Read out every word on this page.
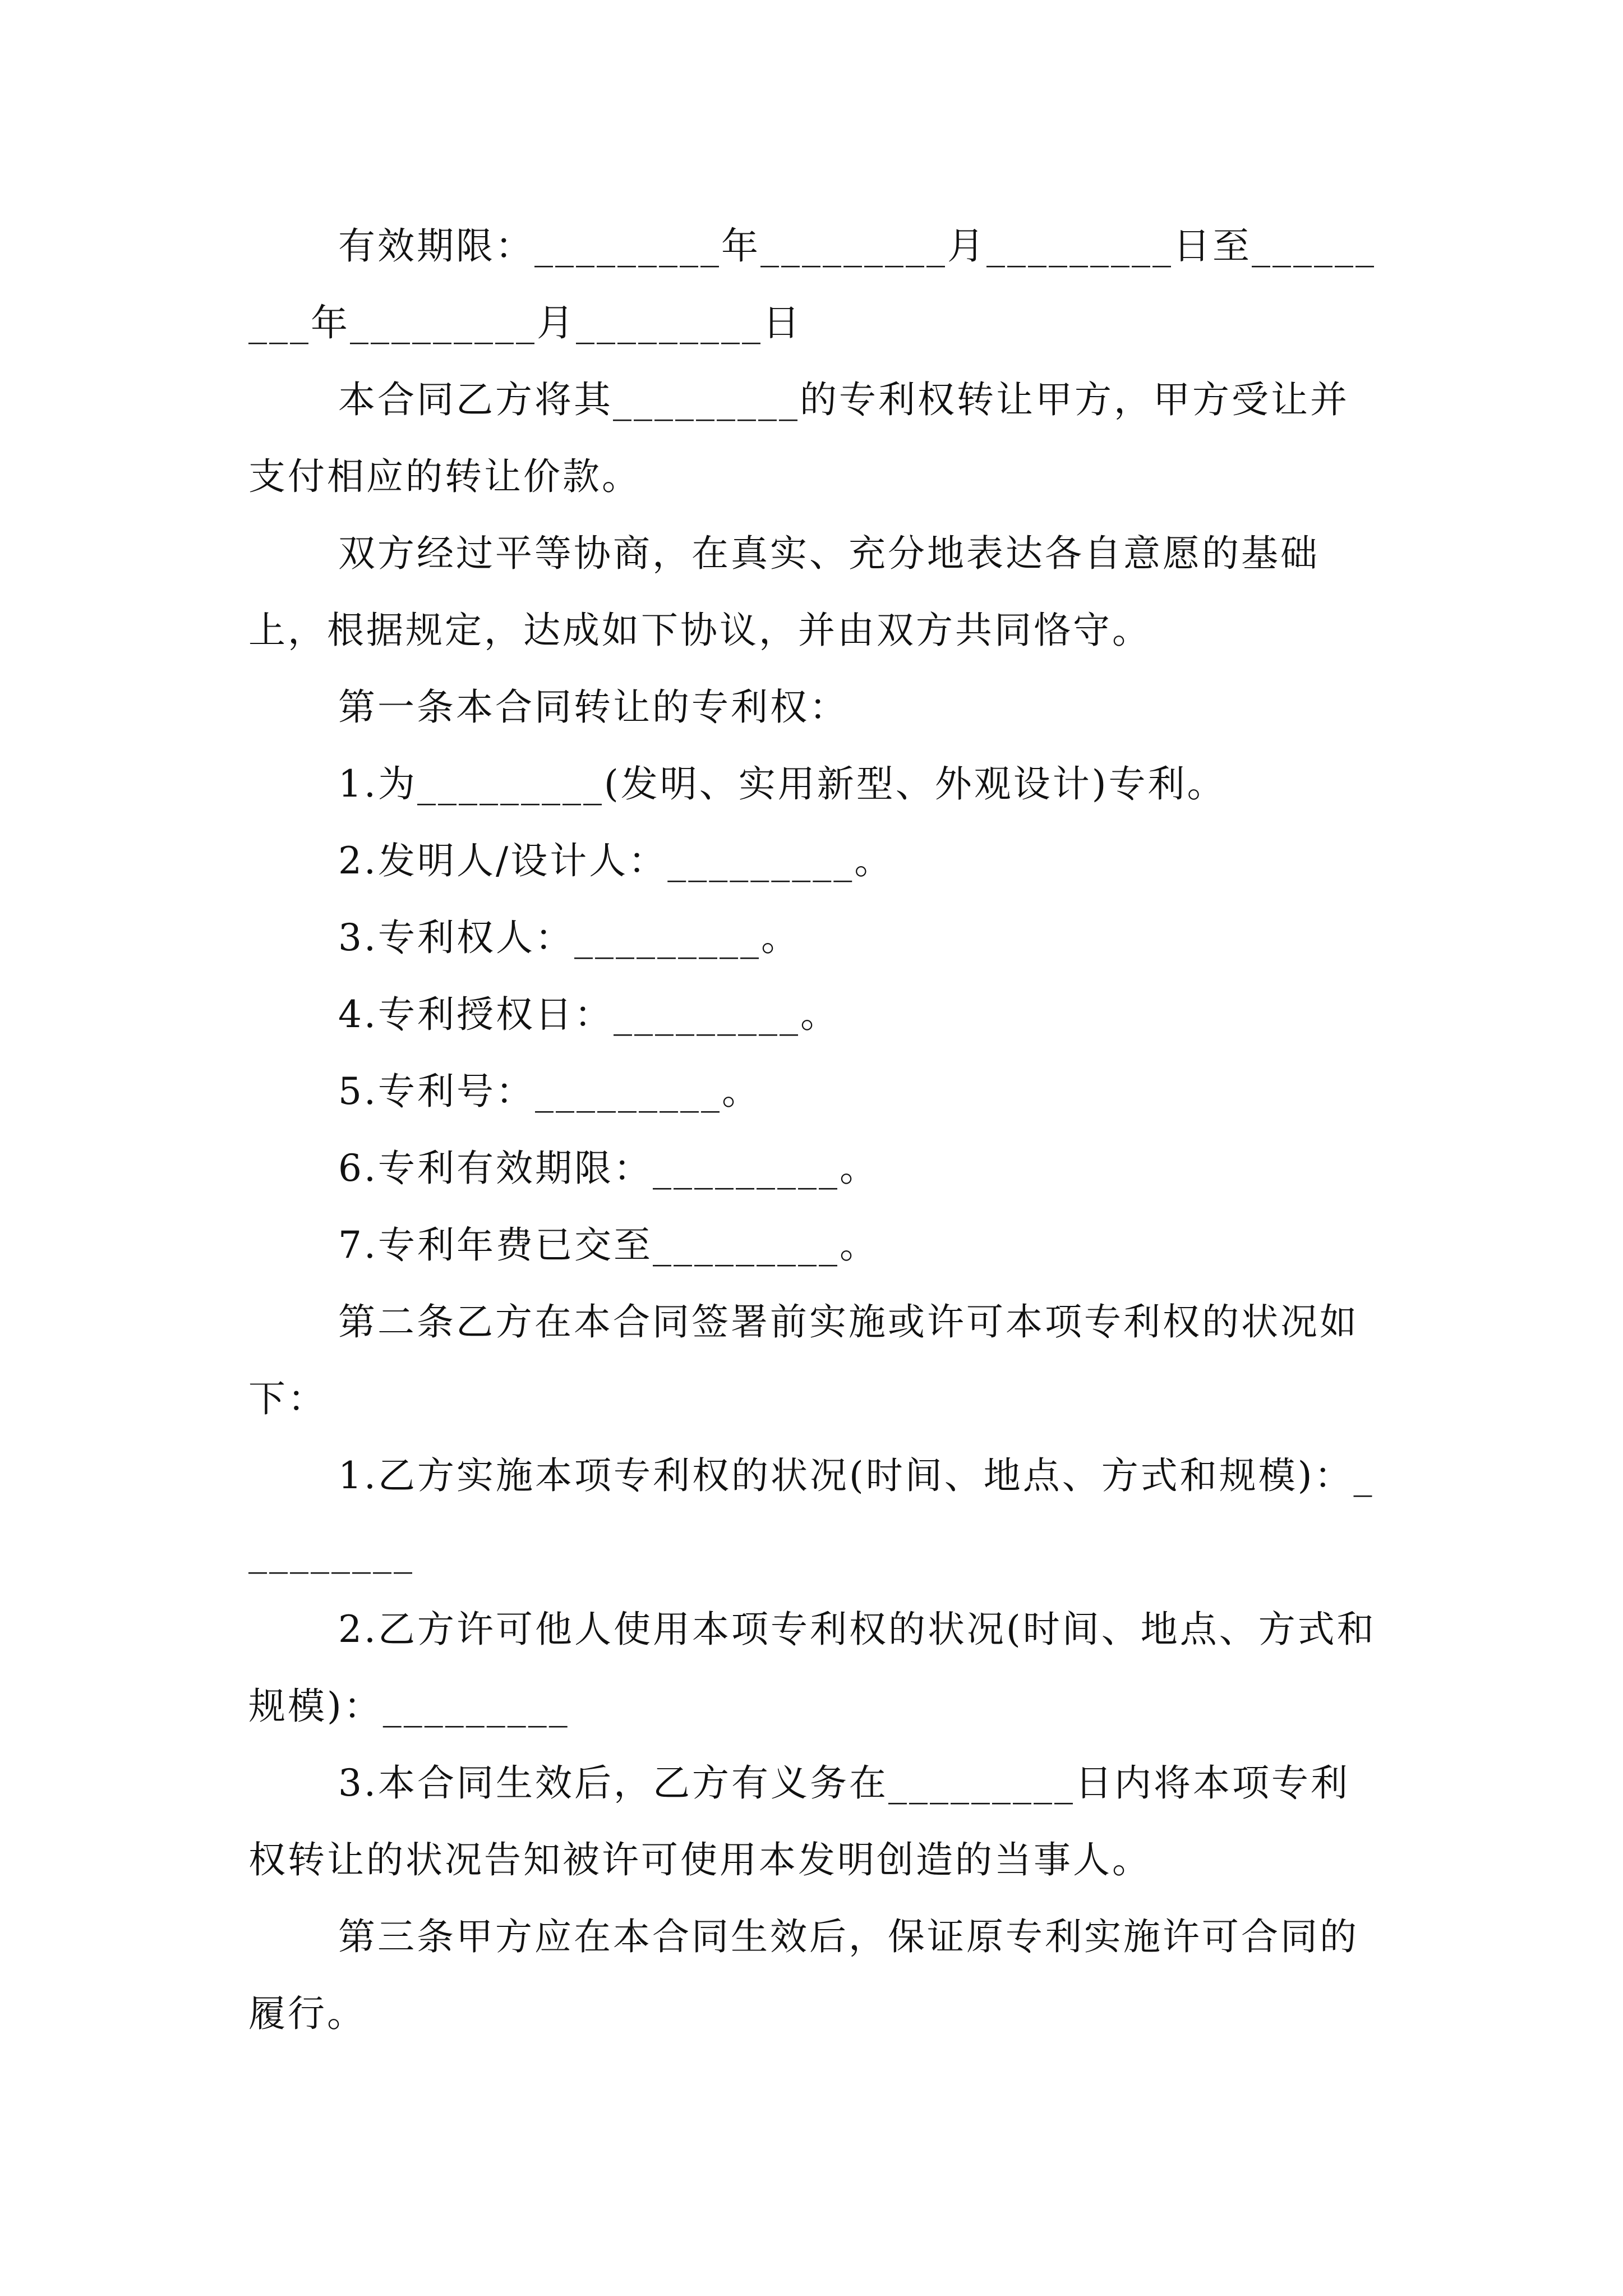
有效期限：_________年_________月_________日至_________年_________月_________日

本合同乙方将其_________的专利权转让甲方，甲方受让并支付相应的转让价款。

双方经过平等协商，在真实、充分地表达各自意愿的基础上，根据规定，达成如下协议，并由双方共同恪守。

第一条本合同转让的专利权：

1.为_________(发明、实用新型、外观设计)专利。

2.发明人/设计人：_________。

3.专利权人：_________。

4.专利授权日：_________。

5.专利号：_________。

6.专利有效期限：_________。

7.专利年费已交至_________。

第二条乙方在本合同签署前实施或许可本项专利权的状况如下：

1.乙方实施本项专利权的状况(时间、地点、方式和规模)：_________

2.乙方许可他人使用本项专利权的状况(时间、地点、方式和规模)：_________

3.本合同生效后，乙方有义务在_________日内将本项专利权转让的状况告知被许可使用本发明创造的当事人。

第三条甲方应在本合同生效后，保证原专利实施许可合同的履行。
